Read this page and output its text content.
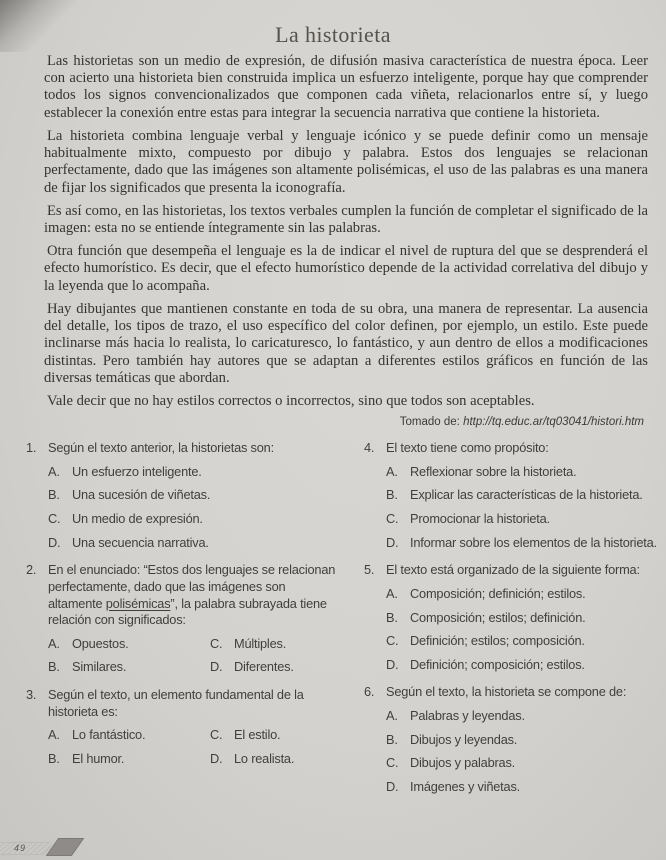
La historieta

Las historietas son un medio de expresión, de difusión masiva característica de nuestra época. Leer con acierto una historieta bien construida implica un esfuerzo inteligente, porque hay que comprender todos los signos convencionalizados que componen cada viñeta, relacionarlos entre sí, y luego establecer la conexión entre estas para integrar la secuencia narrativa que contiene la historieta.

La historieta combina lenguaje verbal y lenguaje icónico y se puede definir como un mensaje habitualmente mixto, compuesto por dibujo y palabra. Estos dos lenguajes se relacionan perfectamente, dado que las imágenes son altamente polisémicas, el uso de las palabras es una manera de fijar los significados que presenta la iconografía.

Es así como, en las historietas, los textos verbales cumplen la función de completar el significado de la imagen: esta no se entiende íntegramente sin las palabras.

Otra función que desempeña el lenguaje es la de indicar el nivel de ruptura del que se desprenderá el efecto humorístico. Es decir, que el efecto humorístico depende de la actividad correlativa del dibujo y la leyenda que lo acompaña.

Hay dibujantes que mantienen constante en toda de su obra, una manera de representar. La ausencia del detalle, los tipos de trazo, el uso específico del color definen, por ejemplo, un estilo. Este puede inclinarse más hacia lo realista, lo caricaturesco, lo fantástico, y aun dentro de ellos a modificaciones distintas. Pero también hay autores que se adaptan a diferentes estilos gráficos en función de las diversas temáticas que abordan.

Vale decir que no hay estilos correctos o incorrectos, sino que todos son aceptables.

Tomado de: http://tq.educ.ar/tq03041/histori.htm
1. Según el texto anterior, la historietas son:
A. Un esfuerzo inteligente.
B. Una sucesión de viñetas.
C. Un medio de expresión.
D. Una secuencia narrativa.
2. En el enunciado: “Estos dos lenguajes se relacionan perfectamente, dado que las imágenes son altamente polisémicas”, la palabra subrayada tiene relación con significados:
A. Opuestos.
B. Similares.
C. Múltiples.
D. Diferentes.
3. Según el texto, un elemento fundamental de la historieta es:
A. Lo fantástico.
B. El humor.
C. El estilo.
D. Lo realista.
4. El texto tiene como propósito:
A. Reflexionar sobre la historieta.
B. Explicar las características de la historieta.
C. Promocionar la historieta.
D. Informar sobre los elementos de la historieta.
5. El texto está organizado de la siguiente forma:
A. Composición; definición; estilos.
B. Composición; estilos; definición.
C. Definición; estilos; composición.
D. Definición; composición; estilos.
6. Según el texto, la historieta se compone de:
A. Palabras y leyendas.
B. Dibujos y leyendas.
C. Dibujos y palabras.
D. Imágenes y viñetas.
49
